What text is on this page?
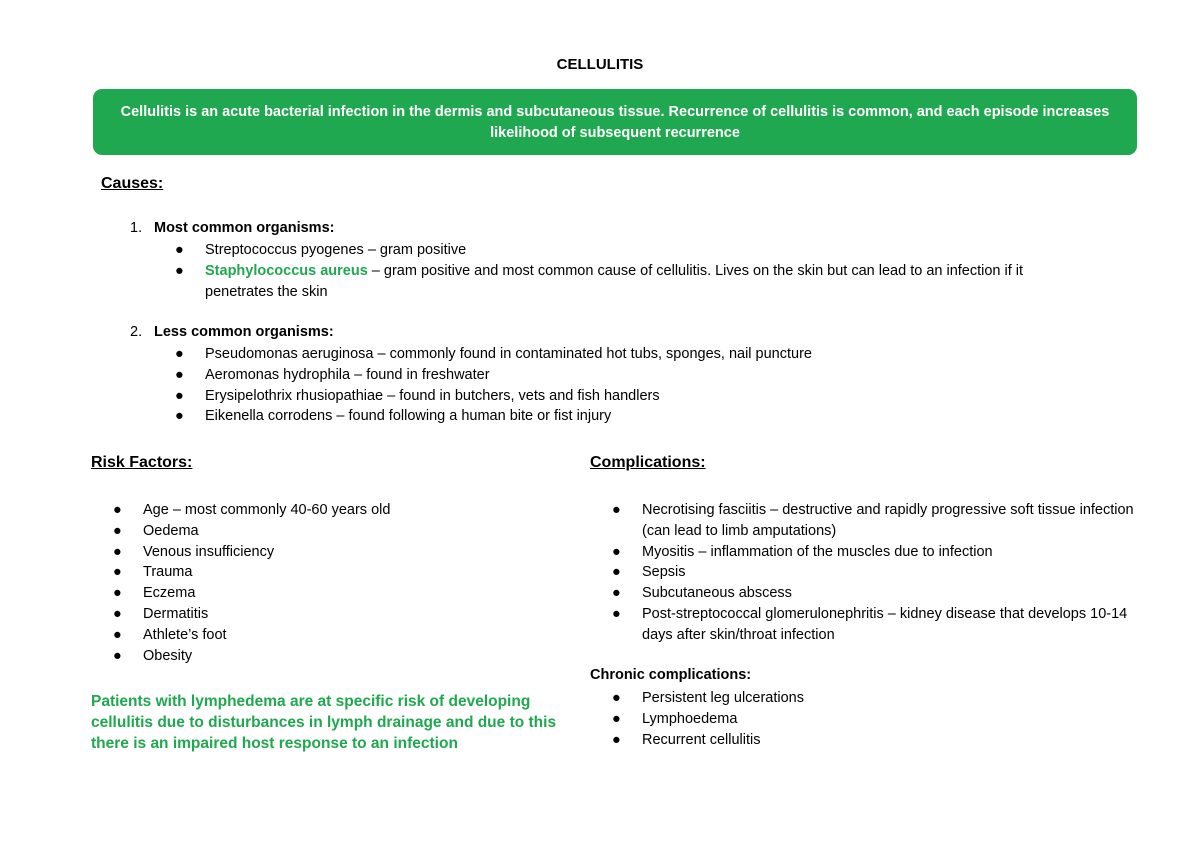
CELLULITIS
Cellulitis is an acute bacterial infection in the dermis and subcutaneous tissue. Recurrence of cellulitis is common, and each episode increases likelihood of subsequent recurrence
Causes:
1. Most common organisms:
● Streptococcus pyogenes – gram positive
● Staphylococcus aureus – gram positive and most common cause of cellulitis. Lives on the skin but can lead to an infection if it penetrates the skin
2. Less common organisms:
● Pseudomonas aeruginosa – commonly found in contaminated hot tubs, sponges, nail puncture
● Aeromonas hydrophila – found in freshwater
● Erysipelothrix rhusiopathiae – found in butchers, vets and fish handlers
● Eikenella corrodens – found following a human bite or fist injury
Risk Factors:
● Age – most commonly 40-60 years old
● Oedema
● Venous insufficiency
● Trauma
● Eczema
● Dermatitis
● Athlete’s foot
● Obesity
Patients with lymphedema are at specific risk of developing cellulitis due to disturbances in lymph drainage and due to this there is an impaired host response to an infection
Complications:
● Necrotising fasciitis – destructive and rapidly progressive soft tissue infection (can lead to limb amputations)
● Myositis – inflammation of the muscles due to infection
● Sepsis
● Subcutaneous abscess
● Post-streptococcal glomerulonephritis – kidney disease that develops 10-14 days after skin/throat infection
Chronic complications:
● Persistent leg ulcerations
● Lymphoedema
● Recurrent cellulitis
